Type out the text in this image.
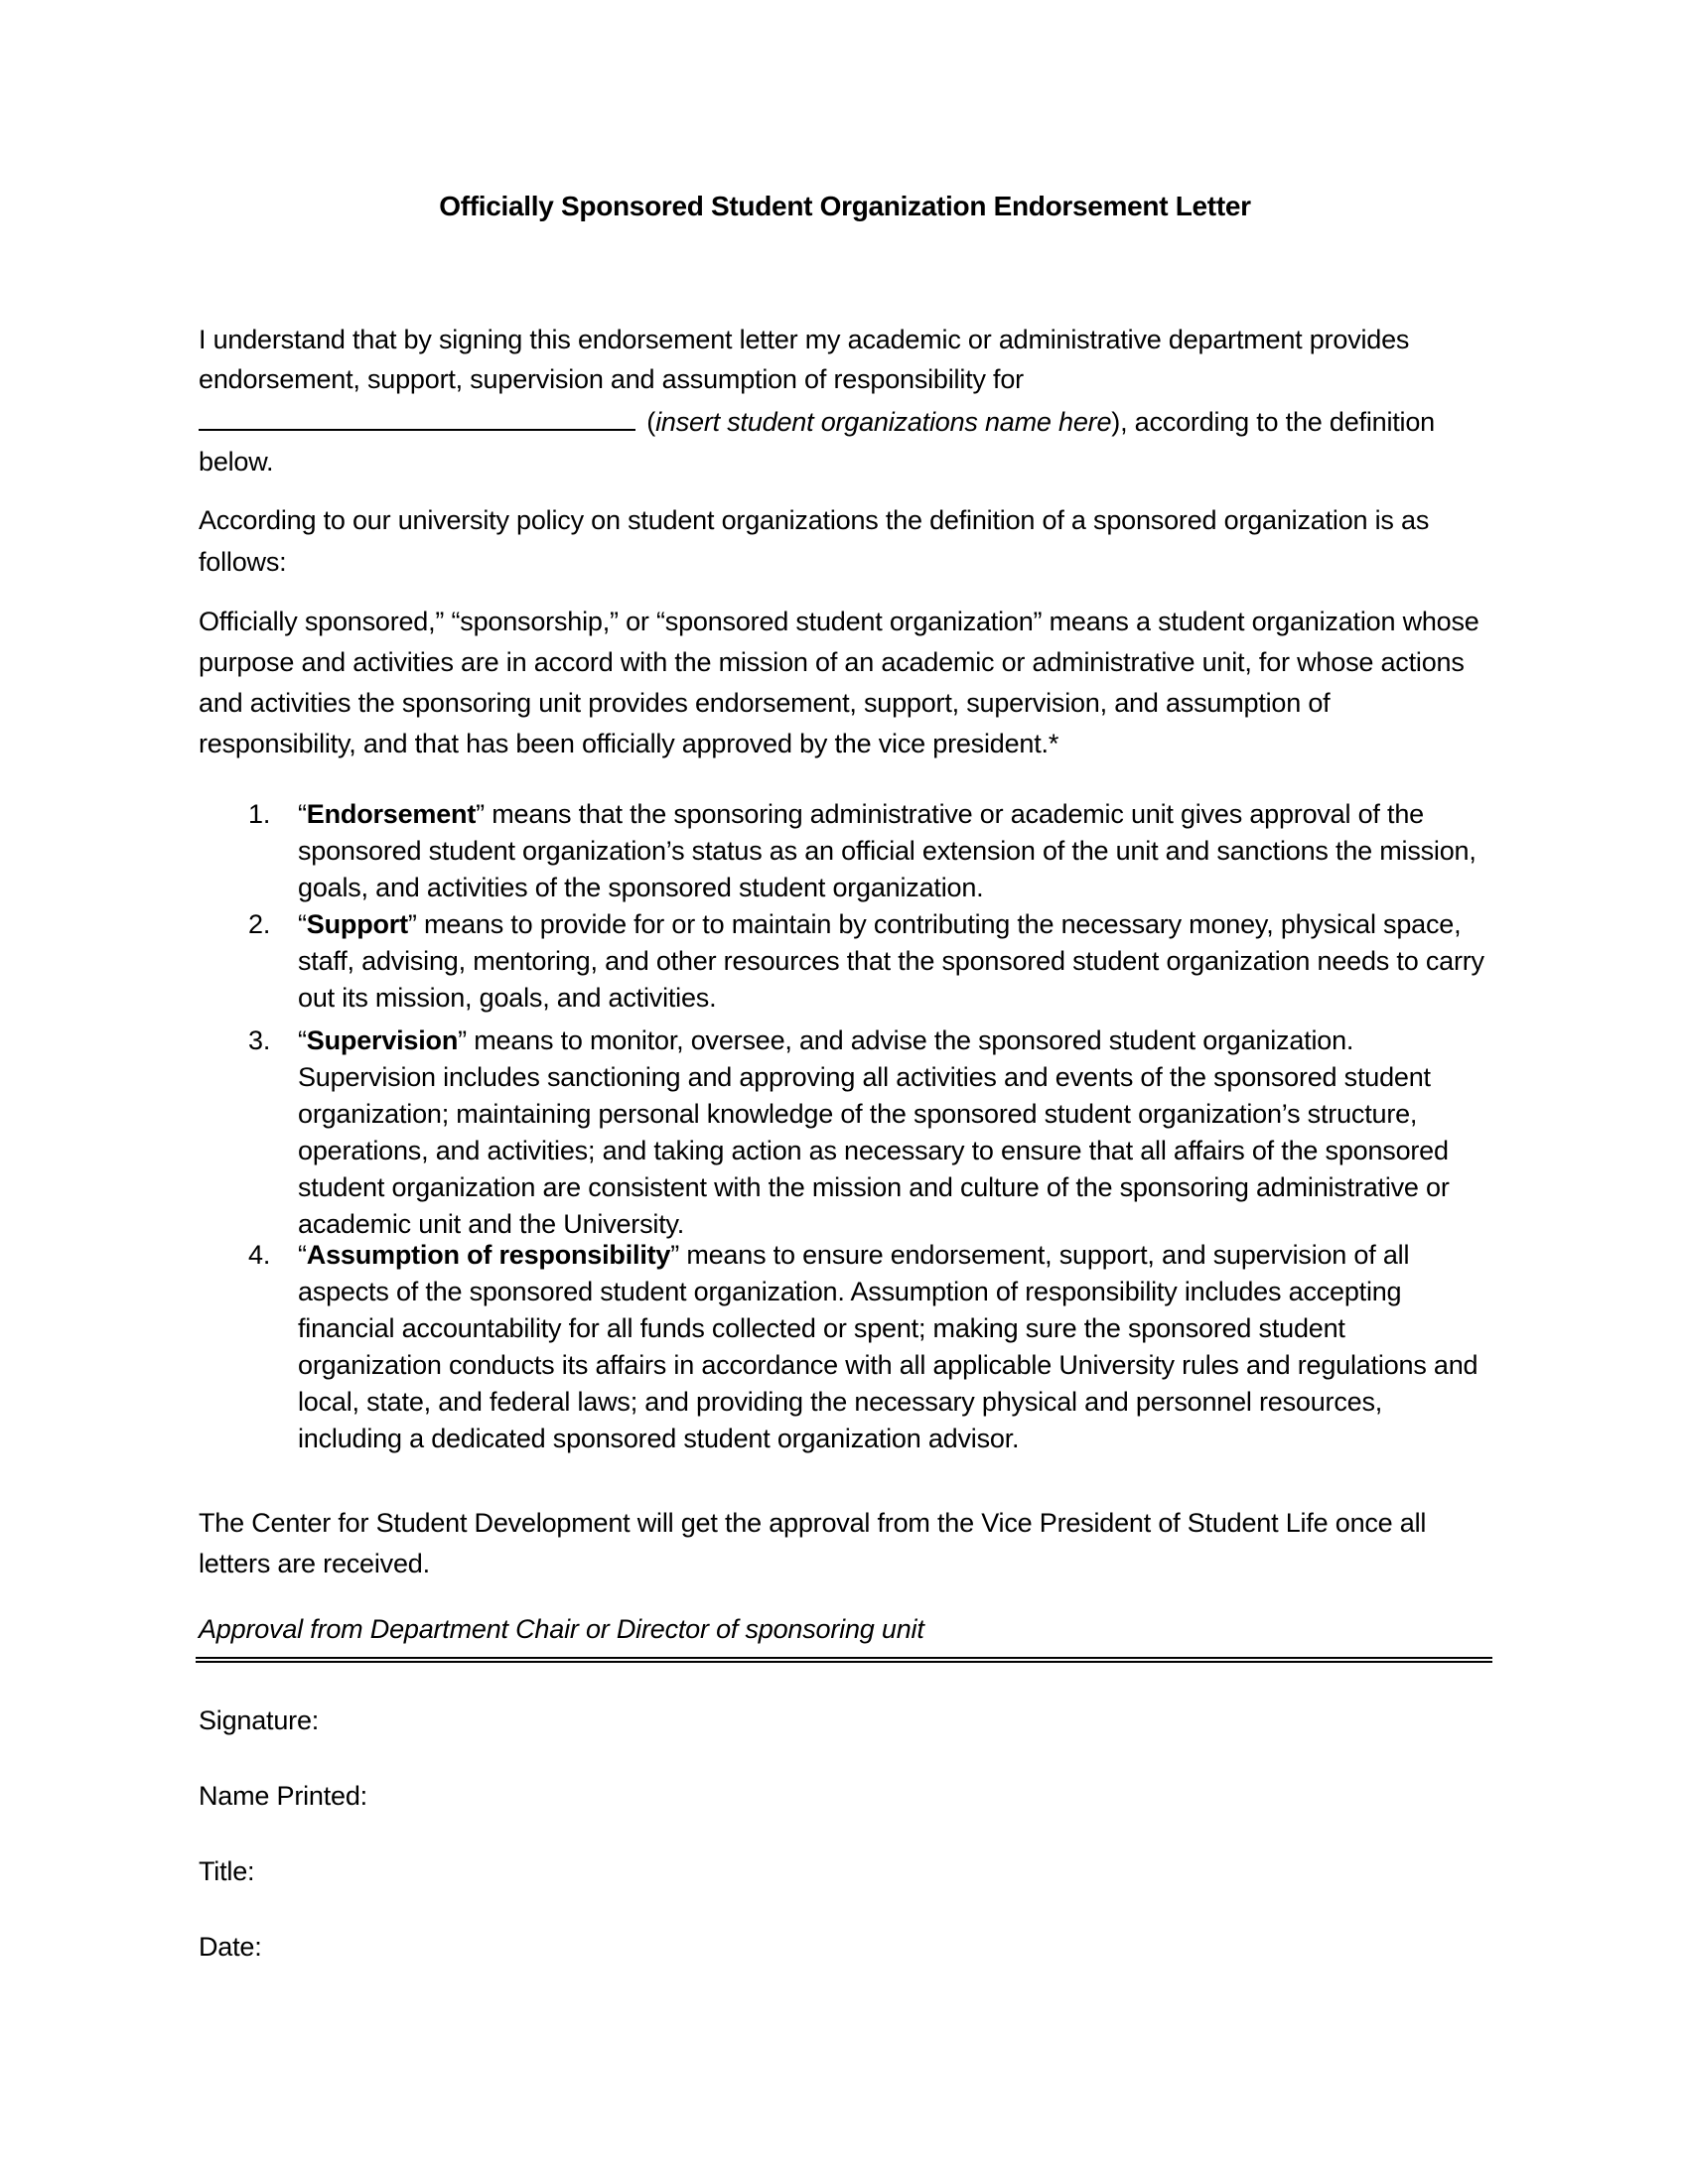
Officially Sponsored Student Organization Endorsement Letter

I understand that by signing this endorsement letter my academic or administrative department provides endorsement, support, supervision and assumption of responsibility for
(insert student organizations name here), according to the definition below.

According to our university policy on student organizations the definition of a sponsored organization is as follows:

Officially sponsored,” “sponsorship,” or “sponsored student organization” means a student organization whose purpose and activities are in accord with the mission of an academic or administrative unit, for whose actions and activities the sponsoring unit provides endorsement, support, supervision, and assumption of responsibility, and that has been officially approved by the vice president.*

1. “Endorsement” means that the sponsoring administrative or academic unit gives approval of the sponsored student organization’s status as an official extension of the unit and sanctions the mission, goals, and activities of the sponsored student organization.
2. “Support” means to provide for or to maintain by contributing the necessary money, physical space, staff, advising, mentoring, and other resources that the sponsored student organization needs to carry out its mission, goals, and activities.
3. “Supervision” means to monitor, oversee, and advise the sponsored student organization. Supervision includes sanctioning and approving all activities and events of the sponsored student organization; maintaining personal knowledge of the sponsored student organization’s structure, operations, and activities; and taking action as necessary to ensure that all affairs of the sponsored student organization are consistent with the mission and culture of the sponsoring administrative or academic unit and the University.
4. “Assumption of responsibility” means to ensure endorsement, support, and supervision of all aspects of the sponsored student organization. Assumption of responsibility includes accepting financial accountability for all funds collected or spent; making sure the sponsored student organization conducts its affairs in accordance with all applicable University rules and regulations and local, state, and federal laws; and providing the necessary physical and personnel resources, including a dedicated sponsored student organization advisor.

The Center for Student Development will get the approval from the Vice President of Student Life once all letters are received.

Approval from Department Chair or Director of sponsoring unit
Signature:
Name Printed:
Title:
Date:
